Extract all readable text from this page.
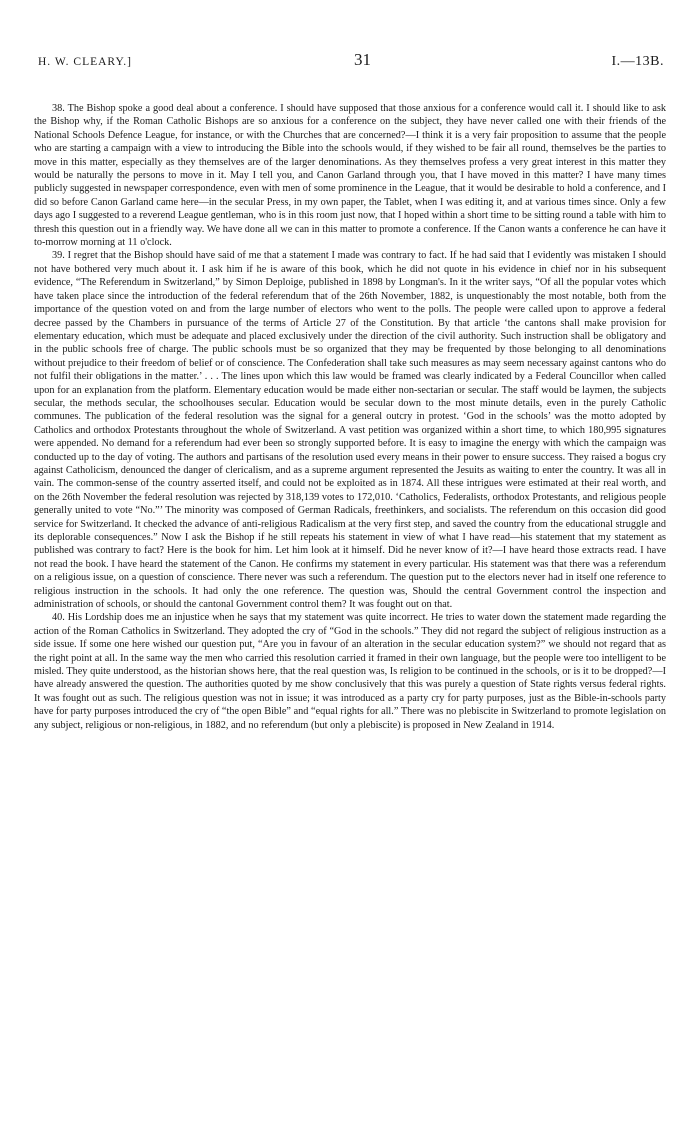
H. W. CLEARY.]	31	I.—13B.

38. The Bishop spoke a good deal about a conference. I should have supposed that those anxious for a conference would call it. I should like to ask the Bishop why, if the Roman Catholic Bishops are so anxious for a conference on the subject, they have never called one with their friends of the National Schools Defence League, for instance, or with the Churches that are concerned?—I think it is a very fair proposition to assume that the people who are starting a campaign with a view to introducing the Bible into the schools would, if they wished to be fair all round, themselves be the parties to move in this matter, especially as they themselves are of the larger denominations. As they themselves profess a very great interest in this matter they would be naturally the persons to move in it. May I tell you, and Canon Garland through you, that I have moved in this matter? I have many times publicly suggested in newspaper correspondence, even with men of some prominence in the League, that it would be desirable to hold a conference, and I did so before Canon Garland came here—in the secular Press, in my own paper, the Tablet, when I was editing it, and at various times since. Only a few days ago I suggested to a reverend League gentleman, who is in this room just now, that I hoped within a short time to be sitting round a table with him to thresh this question out in a friendly way. We have done all we can in this matter to promote a conference. If the Canon wants a conference he can have it to-morrow morning at 11 o'clock.

39. I regret that the Bishop should have said of me that a statement I made was contrary to fact. If he had said that I evidently was mistaken I should not have bothered very much about it. I ask him if he is aware of this book, which he did not quote in his evidence in chief nor in his subsequent evidence, “The Referendum in Switzerland,” by Simon Deploige, published in 1898 by Longman's. In it the writer says, “Of all the popular votes which have taken place since the introduction of the federal referendum that of the 26th November, 1882, is unquestionably the most notable, both from the importance of the question voted on and from the large number of electors who went to the polls. The people were called upon to approve a federal decree passed by the Chambers in pursuance of the terms of Article 27 of the Constitution. By that article ‘the cantons shall make provision for elementary education, which must be adequate and placed exclusively under the direction of the civil authority. Such instruction shall be obligatory and in the public schools free of charge. The public schools must be so organized that they may be frequented by those belonging to all denominations without prejudice to their freedom of belief or of conscience. The Confederation shall take such measures as may seem necessary against cantons who do not fulfil their obligations in the matter.’ . . . The lines upon which this law would be framed was clearly indicated by a Federal Councillor when called upon for an explanation from the platform. Elementary education would be made either non-sectarian or secular. The staff would be laymen, the subjects secular, the methods secular, the schoolhouses secular. Education would be secular down to the most minute details, even in the purely Catholic communes. The publication of the federal resolution was the signal for a general outcry in protest. ‘God in the schools’ was the motto adopted by Catholics and orthodox Protestants throughout the whole of Switzerland. A vast petition was organized within a short time, to which 180,995 signatures were appended. No demand for a referendum had ever been so strongly supported before. It is easy to imagine the energy with which the campaign was conducted up to the day of voting. The authors and partisans of the resolution used every means in their power to ensure success. They raised a bogus cry against Catholicism, denounced the danger of clericalism, and as a supreme argument represented the Jesuits as waiting to enter the country. It was all in vain. The common-sense of the country asserted itself, and could not be exploited as in 1874. All these intrigues were estimated at their real worth, and on the 26th November the federal resolution was rejected by 318,139 votes to 172,010. ‘Catholics, Federalists, orthodox Protestants, and religious people generally united to vote “No.”’ The minority was composed of German Radicals, freethinkers, and socialists. The referendum on this occasion did good service for Switzerland. It checked the advance of anti-religious Radicalism at the very first step, and saved the country from the educational struggle and its deplorable consequences.” Now I ask the Bishop if he still repeats his statement in view of what I have read—his statement that my statement as published was contrary to fact? Here is the book for him. Let him look at it himself. Did he never know of it?—I have heard those extracts read. I have not read the book. I have heard the statement of the Canon. He confirms my statement in every particular. His statement was that there was a referendum on a religious issue, on a question of conscience. There never was such a referendum. The question put to the electors never had in itself one reference to religious instruction in the schools. It had only the one reference. The question was, Should the central Government control the inspection and administration of schools, or should the cantonal Government control them? It was fought out on that.

40. His Lordship does me an injustice when he says that my statement was quite incorrect. He tries to water down the statement made regarding the action of the Roman Catholics in Switzerland. They adopted the cry of “God in the schools.” They did not regard the subject of religious instruction as a side issue. If some one here wished our question put, “Are you in favour of an alteration in the secular education system?” we should not regard that as the right point at all. In the same way the men who carried this resolution carried it framed in their own language, but the people were too intelligent to be misled. They quite understood, as the historian shows here, that the real question was, Is religion to be continued in the schools, or is it to be dropped?—I have already answered the question. The authorities quoted by me show conclusively that this was purely a question of State rights versus federal rights. It was fought out as such. The religious question was not in issue; it was introduced as a party cry for party purposes, just as the Bible-in-schools party have for party purposes introduced the cry of “the open Bible” and “equal rights for all.” There was no plebiscite in Switzerland to promote legislation on any subject, religious or non-religious, in 1882, and no referendum (but only a plebiscite) is proposed in New Zealand in 1914.
